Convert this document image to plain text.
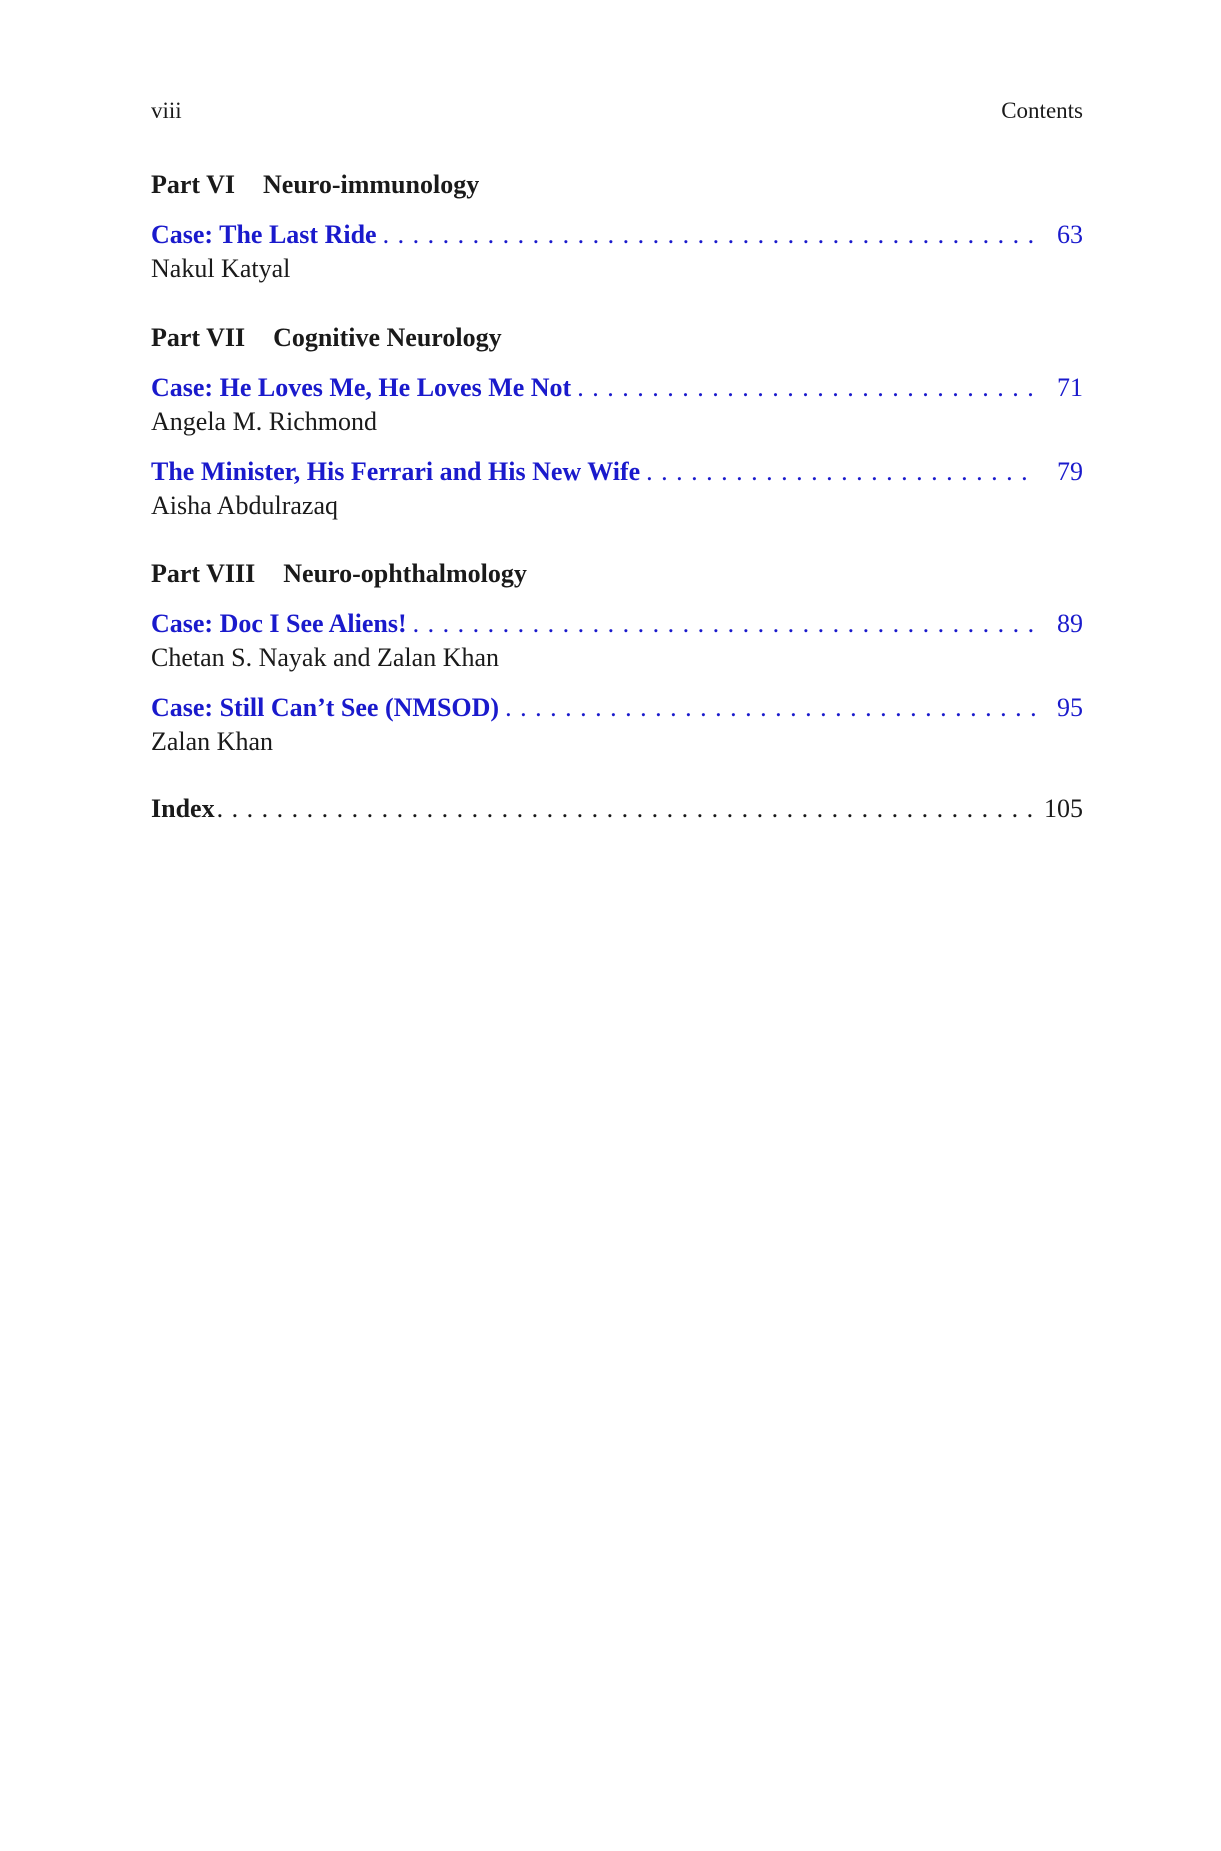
viii	Contents
Part VI Neuro-immunology
Case: The Last Ride . . .	63
Nakul Katyal
Part VII Cognitive Neurology
Case: He Loves Me, He Loves Me Not . . .	71
Angela M. Richmond
The Minister, His Ferrari and His New Wife . . .	79
Aisha Abdulrazaq
Part VIII Neuro-ophthalmology
Case: Doc I See Aliens! . . .	89
Chetan S. Nayak and Zalan Khan
Case: Still Can’t See (NMSOD) . . .	95
Zalan Khan
Index . . .	105
